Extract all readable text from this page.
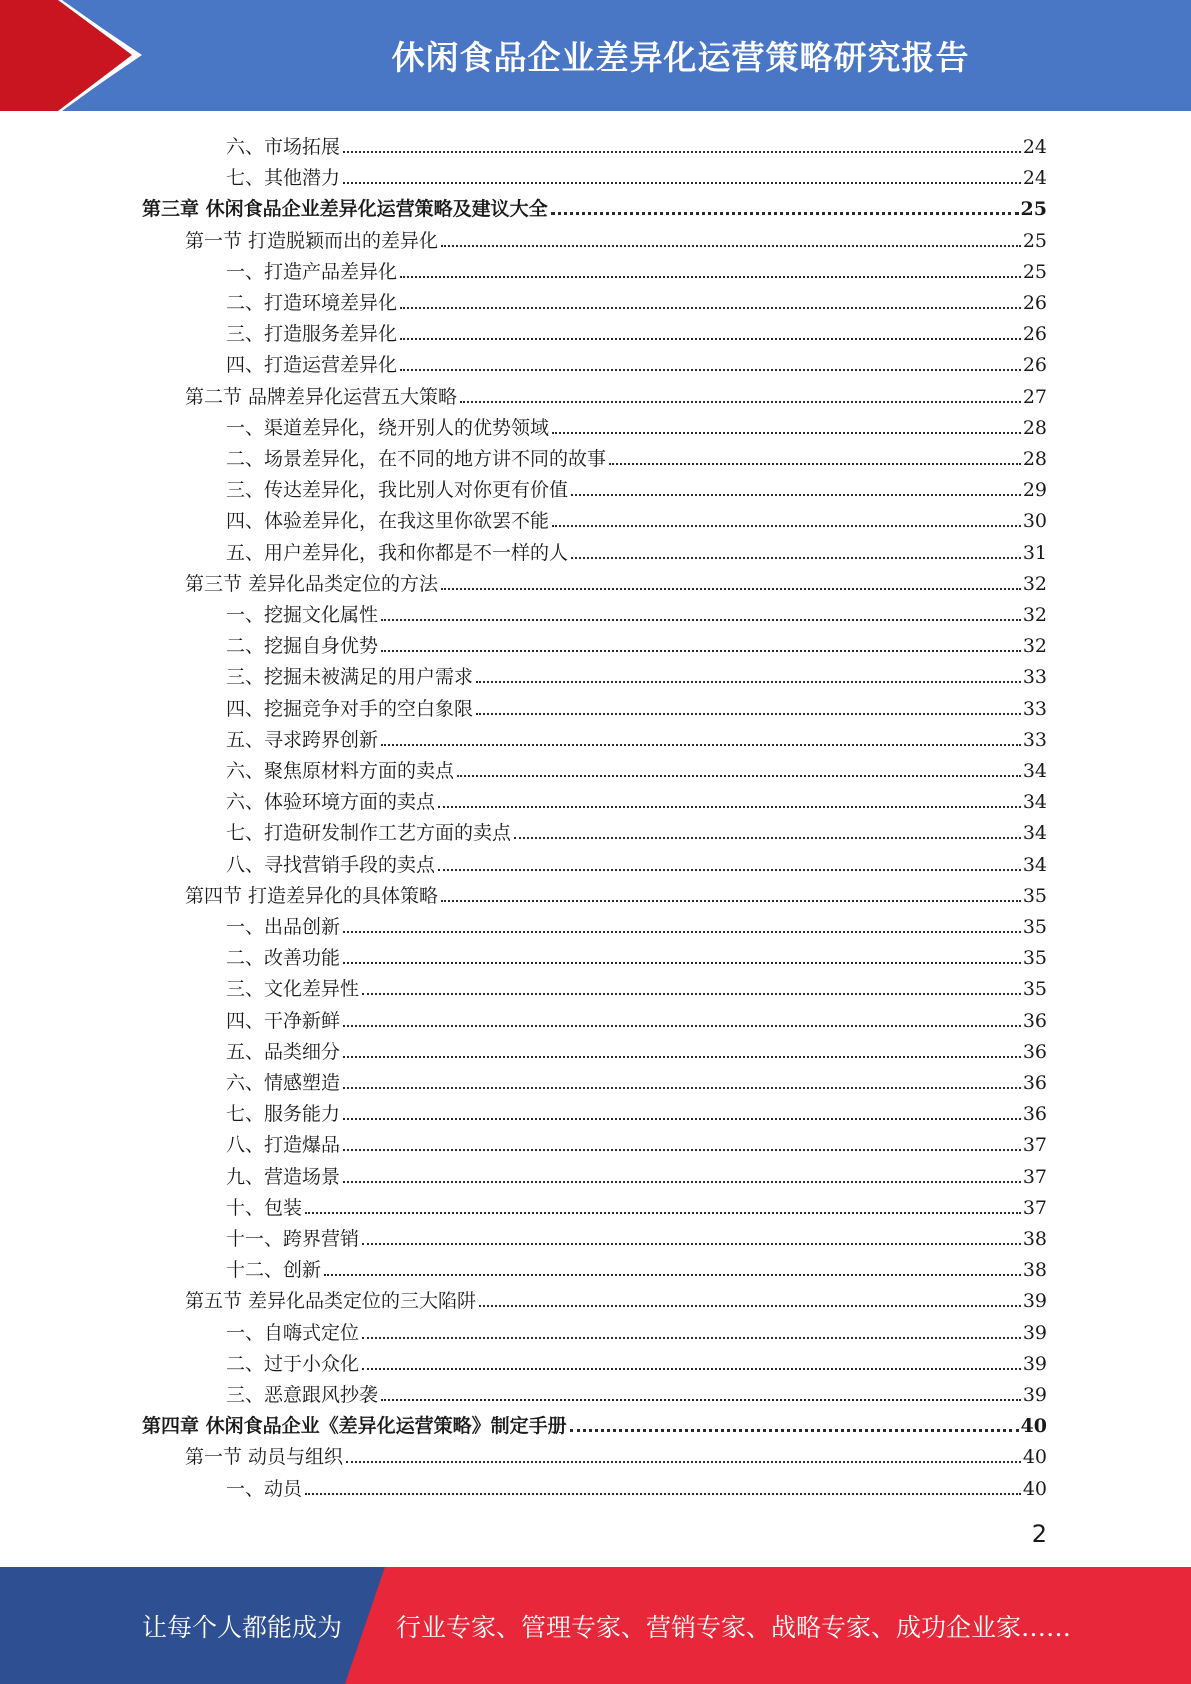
休闲食品企业差异化运营策略研究报告
六、市场拓展	24
七、其他潜力	24
第三章 休闲食品企业差异化运营策略及建议大全	25
第一节 打造脱颖而出的差异化	25
一、打造产品差异化	25
二、打造环境差异化	26
三、打造服务差异化	26
四、打造运营差异化	26
第二节 品牌差异化运营五大策略	27
一、渠道差异化，绕开别人的优势领域	28
二、场景差异化，在不同的地方讲不同的故事	28
三、传达差异化，我比别人对你更有价值	29
四、体验差异化，在我这里你欲罢不能	30
五、用户差异化，我和你都是不一样的人	31
第三节 差异化品类定位的方法	32
一、挖掘文化属性	32
二、挖掘自身优势	32
三、挖掘未被满足的用户需求	33
四、挖掘竞争对手的空白象限	33
五、寻求跨界创新	33
六、聚焦原材料方面的卖点	34
六、体验环境方面的卖点	34
七、打造研发制作工艺方面的卖点	34
八、寻找营销手段的卖点	34
第四节 打造差异化的具体策略	35
一、出品创新	35
二、改善功能	35
三、文化差异性	35
四、干净新鲜	36
五、品类细分	36
六、情感塑造	36
七、服务能力	36
八、打造爆品	37
九、营造场景	37
十、包装	37
十一、跨界营销	38
十二、创新	38
第五节 差异化品类定位的三大陷阱	39
一、自嗨式定位	39
二、过于小众化	39
三、恶意跟风抄袭	39
第四章 休闲食品企业《差异化运营策略》制定手册	40
第一节 动员与组织	40
一、动员	40
2
让每个人都能成为 行业专家、管理专家、营销专家、战略专家、成功企业家……
